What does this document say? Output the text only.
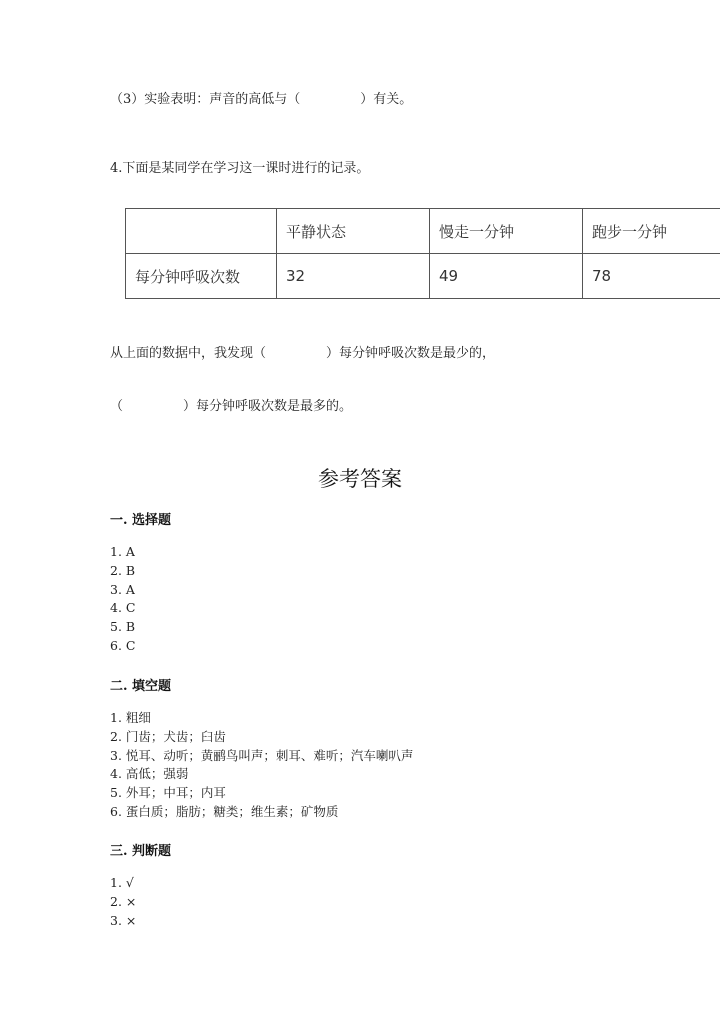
（3）实验表明：声音的高低与（	）有关。
4.下面是某同学在学习这一课时进行的记录。
	平静状态	慢走一分钟	跑步一分钟
每分钟呼吸次数	32	49	78
从上面的数据中，我发现（	）每分钟呼吸次数是最少的，
（	）每分钟呼吸次数是最多的。
参考答案
一. 选择题
1. A
2. B
3. A
4. C
5. B
6. C
二. 填空题
1. 粗细
2. 门齿；犬齿；臼齿
3. 悦耳、动听；黄鹂鸟叫声；刺耳、难听；汽车喇叭声
4. 高低；强弱
5. 外耳；中耳；内耳
6. 蛋白质；脂肪；糖类；维生素；矿物质
三. 判断题
1. √
2. ×
3. ×
